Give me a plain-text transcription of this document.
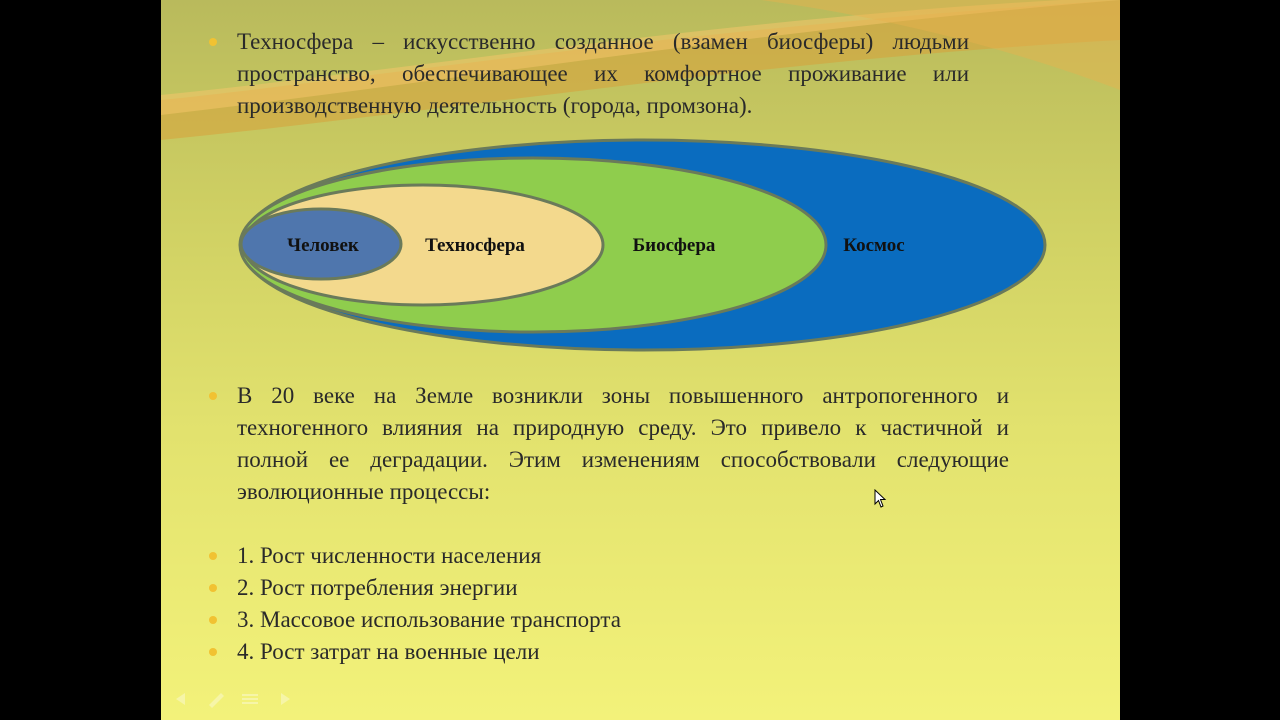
Техносфера – искусственно созданное (взамен биосферы) людьми пространство, обеспечивающее их комфортное проживание или производственную деятельность (города, промзона).

Человек	Техносфера	Биосфера	Космос

В 20 веке на Земле возникли зоны повышенного антропогенного и техногенного влияния на природную среду. Это привело к частичной и полной ее деградации. Этим изменениям способствовали следующие эволюционные процессы:

1. Рост численности населения

2. Рост потребления энергии

3. Массовое использование транспорта

4. Рост затрат на военные цели
